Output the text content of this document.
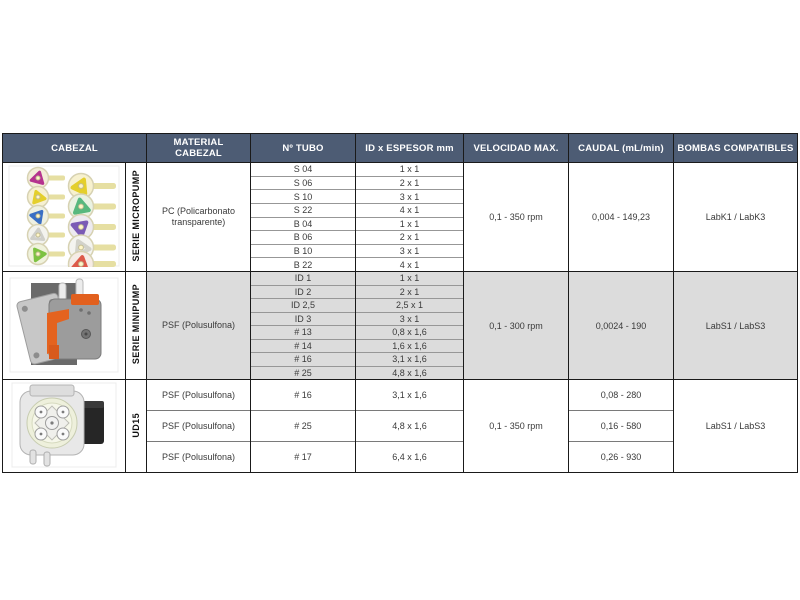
CABEZAL		MATERIAL CABEZAL	Nº TUBO	ID x ESPESOR mm	VELOCIDAD MAX.	CAUDAL (mL/min)	BOMBAS COMPATIBLES
	SERIE MICROPUMP	PC (Policarbonato transparente)	S 04	1 x 1	0,1 - 350 rpm	0,004 - 149,23	LabK1 / LabK3
			S 06	2 x 1			
			S 10	3 x 1			
			S 22	4 x 1			
			B 04	1 x 1			
			B 06	2 x 1			
			B 10	3 x 1			
			B 22	4 x 1			
	SERIE MINIPUMP	PSF (Polusulfona)	ID 1	1 x 1	0,1 - 300 rpm	0,0024 - 190	LabS1 / LabS3
			ID 2	2 x 1			
			ID 2,5	2,5 x 1			
			ID 3	3 x 1			
			# 13	0,8 x 1,6			
			# 14	1,6 x 1,6			
			# 16	3,1 x 1,6			
			# 25	4,8 x 1,6			
	UD15	PSF (Polusulfona)	# 16	3,1 x 1,6	0,1 - 350 rpm	0,08 - 280	LabS1 / LabS3
		PSF (Polusulfona)	# 25	4,8 x 1,6		0,16 - 580	
		PSF (Polusulfona)	# 17	6,4 x 1,6		0,26 - 930	
